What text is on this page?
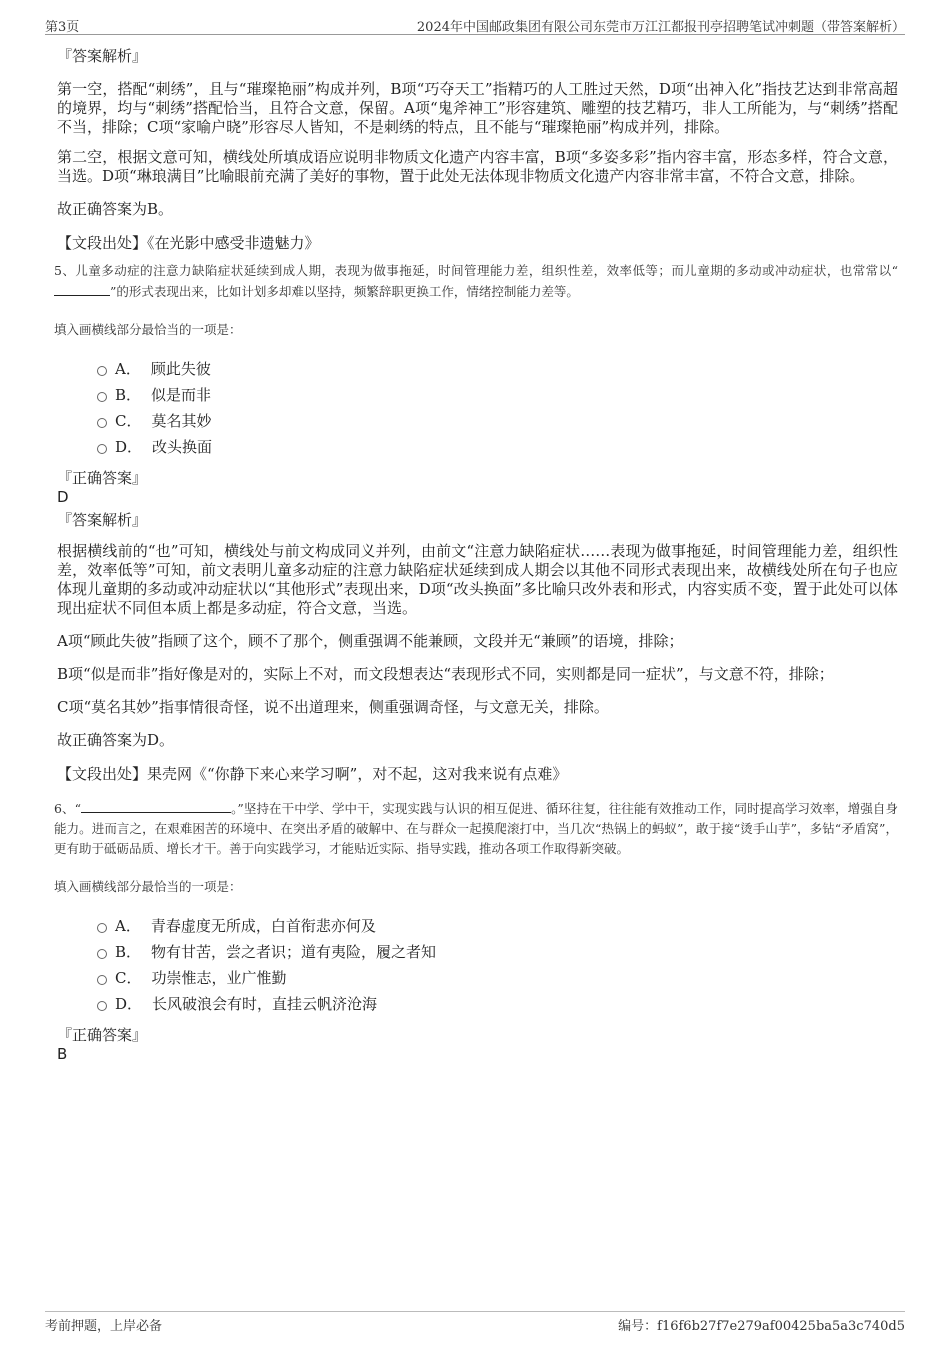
第3页	2024年中国邮政集团有限公司东莞市万江江都报刊亭招聘笔试冲刺题（带答案解析）

『答案解析』

第一空，搭配“刺绣”，且与“璀璨艳丽”构成并列，B项“巧夺天工”指精巧的人工胜过天然，D项“出神入化”指技艺达到非常高超的境界，均与“刺绣”搭配恰当，且符合文意，保留。A项“鬼斧神工”形容建筑、雕塑的技艺精巧，非人工所能为，与“刺绣”搭配不当，排除；C项“家喻户晓”形容尽人皆知，不是刺绣的特点，且不能与“璀璨艳丽”构成并列，排除。

第二空，根据文意可知，横线处所填成语应说明非物质文化遗产内容丰富，B项“多姿多彩”指内容丰富，形态多样，符合文意，当选。D项“琳琅满目”比喻眼前充满了美好的事物，置于此处无法体现非物质文化遗产内容非常丰富，不符合文意，排除。

故正确答案为B。

【文段出处】《在光影中感受非遗魅力》

5、儿童多动症的注意力缺陷症状延续到成人期，表现为做事拖延，时间管理能力差，组织性差，效率低等；而儿童期的多动或冲动症状，也常常以“”的形式表现出来，比如计划多却难以坚持，频繁辞职更换工作，情绪控制能力差等。

填入画横线部分最恰当的一项是：

A． 顾此失彼
B． 似是而非
C． 莫名其妙
D． 改头换面

『正确答案』

D

『答案解析』

根据横线前的“也”可知，横线处与前文构成同义并列，由前文“注意力缺陷症状……表现为做事拖延，时间管理能力差，组织性差，效率低等”可知，前文表明儿童多动症的注意力缺陷症状延续到成人期会以其他不同形式表现出来，故横线处所在句子也应体现儿童期的多动或冲动症状以“其他形式”表现出来，D项“改头换面”多比喻只改外表和形式，内容实质不变，置于此处可以体现出症状不同但本质上都是多动症，符合文意，当选。

A项“顾此失彼”指顾了这个，顾不了那个，侧重强调不能兼顾，文段并无“兼顾”的语境，排除；

B项“似是而非”指好像是对的，实际上不对，而文段想表达“表现形式不同，实则都是同一症状”，与文意不符，排除；

C项“莫名其妙”指事情很奇怪，说不出道理来，侧重强调奇怪，与文意无关，排除。

故正确答案为D。

【文段出处】果壳网《“你静下来心来学习啊”，对不起，这对我来说有点难》

6、“	。”坚持在干中学、学中干，实现实践与认识的相互促进、循环往复，往往能有效推动工作，同时提高学习效率，增强自身能力。进而言之，在艰难困苦的环境中、在突出矛盾的破解中、在与群众一起摸爬滚打中，当几次“热锅上的蚂蚁”，敢于接“烫手山芋”，多钻“矛盾窝”，更有助于砥砺品质、增长才干。善于向实践学习，才能贴近实际、指导实践，推动各项工作取得新突破。

填入画横线部分最恰当的一项是：

A． 青春虚度无所成，白首衔悲亦何及
B． 物有甘苦，尝之者识；道有夷险，履之者知
C． 功崇惟志，业广惟勤
D． 长风破浪会有时，直挂云帆济沧海

『正确答案』

B

考前押题，上岸必备	编号：f16f6b27f7e279af00425ba5a3c740d5
